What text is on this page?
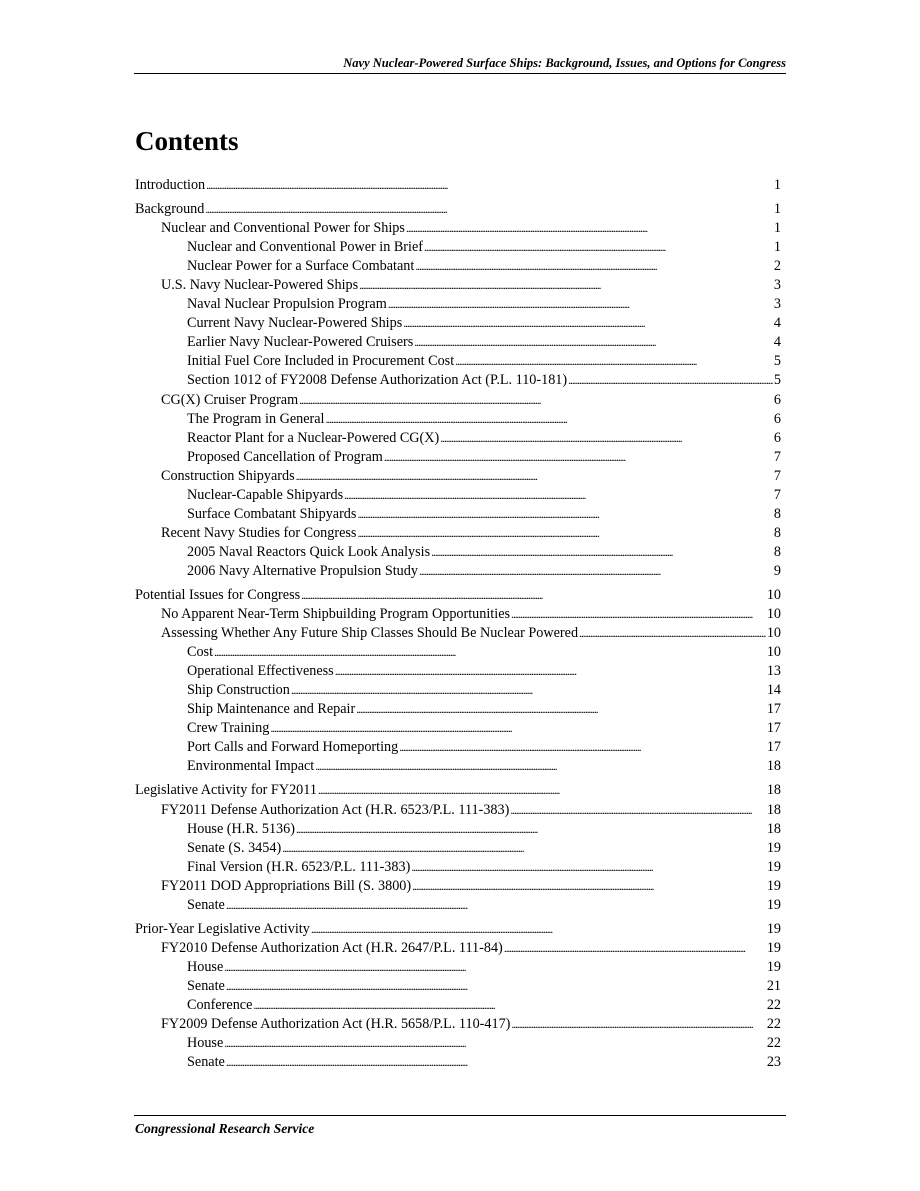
Navy Nuclear-Powered Surface Ships: Background, Issues, and Options for Congress
Contents
Introduction . . .	1
Background . . .	1
Nuclear and Conventional Power for Ships . . .	1
Nuclear and Conventional Power in Brief . . .	1
Nuclear Power for a Surface Combatant . . .	2
U.S. Navy Nuclear-Powered Ships . . .	3
Naval Nuclear Propulsion Program . . .	3
Current Navy Nuclear-Powered Ships . . .	4
Earlier Navy Nuclear-Powered Cruisers . . .	4
Initial Fuel Core Included in Procurement Cost . . .	5
Section 1012 of FY2008 Defense Authorization Act (P.L. 110-181) . . .	5
CG(X) Cruiser Program . . .	6
The Program in General . . .	6
Reactor Plant for a Nuclear-Powered CG(X) . . .	6
Proposed Cancellation of Program . . .	7
Construction Shipyards . . .	7
Nuclear-Capable Shipyards . . .	7
Surface Combatant Shipyards . . .	8
Recent Navy Studies for Congress . . .	8
2005 Naval Reactors Quick Look Analysis . . .	8
2006 Navy Alternative Propulsion Study . . .	9
Potential Issues for Congress . . .	10
No Apparent Near-Term Shipbuilding Program Opportunities . . .	10
Assessing Whether Any Future Ship Classes Should Be Nuclear Powered . . .	10
Cost . . .	10
Operational Effectiveness . . .	13
Ship Construction . . .	14
Ship Maintenance and Repair . . .	17
Crew Training . . .	17
Port Calls and Forward Homeporting . . .	17
Environmental Impact . . .	18
Legislative Activity for FY2011 . . .	18
FY2011 Defense Authorization Act (H.R. 6523/P.L. 111-383) . . .	18
House (H.R. 5136) . . .	18
Senate (S. 3454) . . .	19
Final Version (H.R. 6523/P.L. 111-383) . . .	19
FY2011 DOD Appropriations Bill (S. 3800) . . .	19
Senate . . .	19
Prior-Year Legislative Activity . . .	19
FY2010 Defense Authorization Act (H.R. 2647/P.L. 111-84) . . .	19
House . . .	19
Senate . . .	21
Conference . . .	22
FY2009 Defense Authorization Act (H.R. 5658/P.L. 110-417) . . .	22
House . . .	22
Senate . . .	23
Congressional Research Service
